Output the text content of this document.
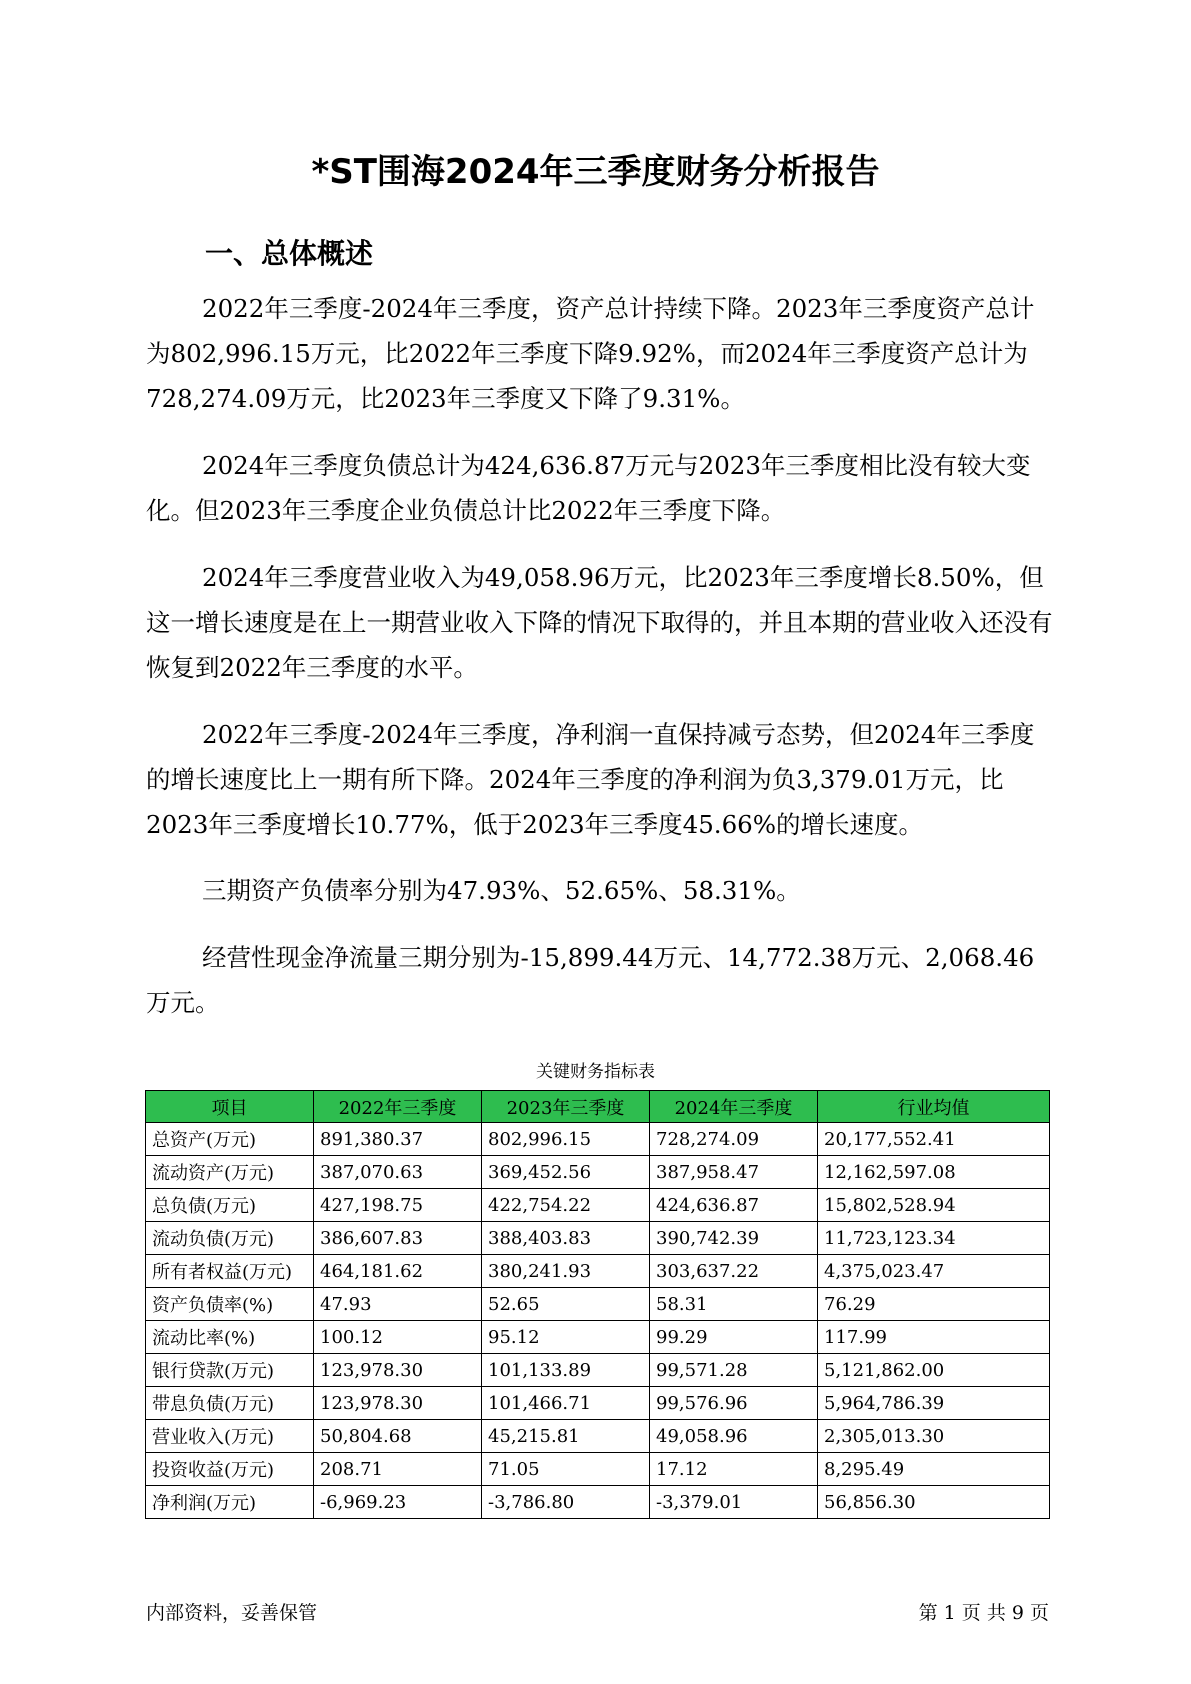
*ST围海2024年三季度财务分析报告
一、总体概述

2022年三季度-2024年三季度，资产总计持续下降。2023年三季度资产总计为802,996.15万元，比2022年三季度下降9.92%，而2024年三季度资产总计为728,274.09万元，比2023年三季度又下降了9.31%。

2024年三季度负债总计为424,636.87万元与2023年三季度相比没有较大变化。但2023年三季度企业负债总计比2022年三季度下降。

2024年三季度营业收入为49,058.96万元，比2023年三季度增长8.50%，但这一增长速度是在上一期营业收入下降的情况下取得的，并且本期的营业收入还没有恢复到2022年三季度的水平。

2022年三季度-2024年三季度，净利润一直保持减亏态势，但2024年三季度的增长速度比上一期有所下降。2024年三季度的净利润为负3,379.01万元，比2023年三季度增长10.77%，低于2023年三季度45.66%的增长速度。

三期资产负债率分别为47.93%、52.65%、58.31%。

经营性现金净流量三期分别为-15,899.44万元、14,772.38万元、2,068.46万元。

关键财务指标表
项目	2022年三季度	2023年三季度	2024年三季度	行业均值
总资产(万元)	891,380.37	802,996.15	728,274.09	20,177,552.41
流动资产(万元)	387,070.63	369,452.56	387,958.47	12,162,597.08
总负债(万元)	427,198.75	422,754.22	424,636.87	15,802,528.94
流动负债(万元)	386,607.83	388,403.83	390,742.39	11,723,123.34
所有者权益(万元)	464,181.62	380,241.93	303,637.22	4,375,023.47
资产负债率(%)	47.93	52.65	58.31	76.29
流动比率(%)	100.12	95.12	99.29	117.99
银行贷款(万元)	123,978.30	101,133.89	99,571.28	5,121,862.00
带息负债(万元)	123,978.30	101,466.71	99,576.96	5,964,786.39
营业收入(万元)	50,804.68	45,215.81	49,058.96	2,305,013.30
投资收益(万元)	208.71	71.05	17.12	8,295.49
净利润(万元)	-6,969.23	-3,786.80	-3,379.01	56,856.30
内部资料，妥善保管	第 1 页 共 9 页
